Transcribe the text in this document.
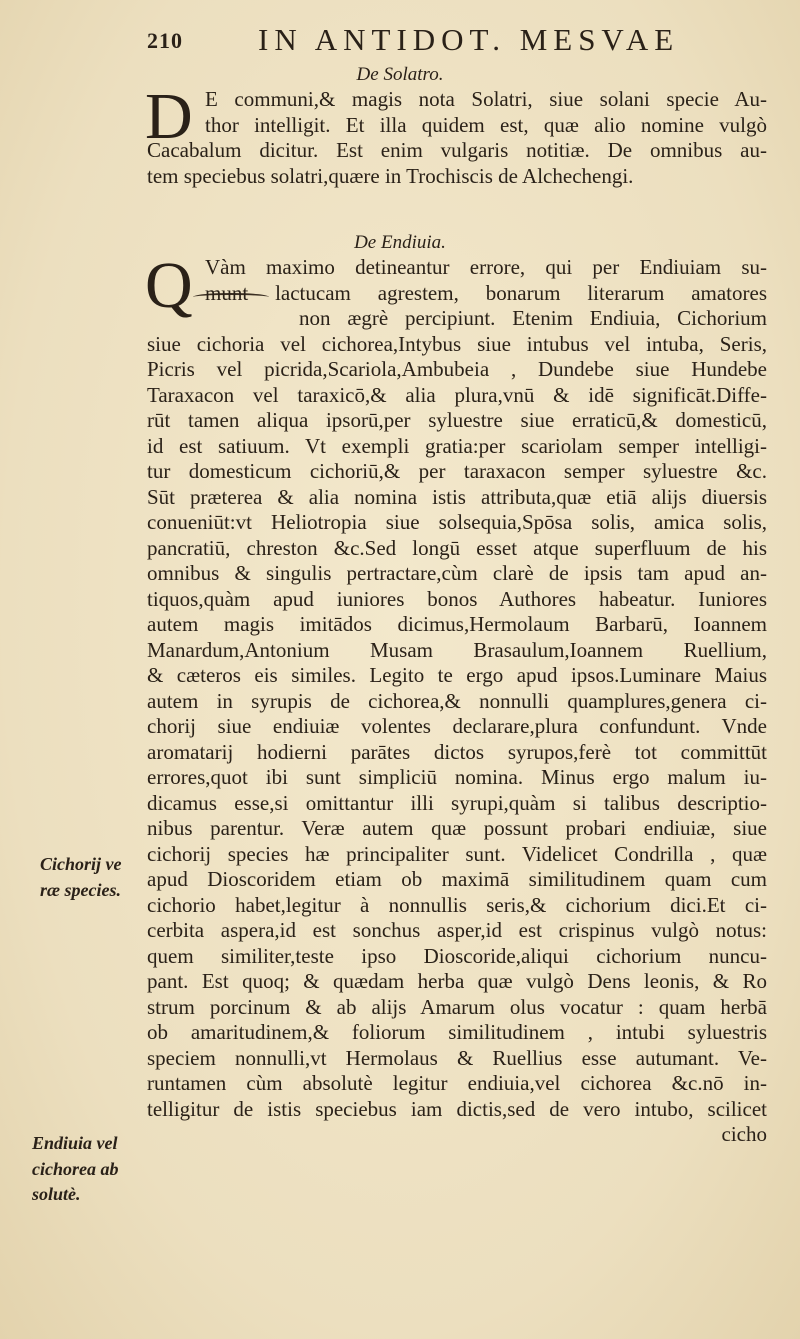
210 IN ANTIDOT. MESVAE
De Solatro.
D E communi,& magis nota Solatri, siue solani specie Au-
thor intelligit. Et illa quidem est, quæ alio nomine vulgò
Cacabalum dicitur. Est enim vulgaris notitiæ. De omnibus au-
tem speciebus solatri,quære in Trochiscis de Alchechengi.
De Endiuia.
Q Vàm maximo detineantur errore, qui per Endiuiam su-
munt lactucam agrestem, bonarum literarum amatores
non ægrè percipiunt. Etenim Endiuia, Cichorium
siue cichoria vel cichorea,Intybus siue intubus vel intuba, Seris,
Picris vel picrida,Scariola,Ambubeia , Dundebe siue Hundebe
Taraxacon vel taraxicō,& alia plura,vnū & idē significāt.Diffe-
rūt tamen aliqua ipsorū,per syluestre siue erraticū,& domesticū,
id est satiuum. Vt exempli gratia:per scariolam semper intelligi-
tur domesticum cichoriū,& per taraxacon semper syluestre &c.
Sūt præterea & alia nomina istis attributa,quæ etiā alijs diuersis
conueniūt:vt Heliotropia siue solsequia,Spōsa solis, amica solis,
pancratiū, chreston &c.Sed longū esset atque superfluum de his
omnibus & singulis pertractare,cùm clarè de ipsis tam apud an-
tiquos,quàm apud iuniores bonos Authores habeatur. Iuniores
autem magis imitādos dicimus,Hermolaum Barbarū, Ioannem
Manardum,Antonium Musam Brasaulum,Ioannem Ruellium,
& cæteros eis similes. Legito te ergo apud ipsos.Luminare Maius
autem in syrupis de cichorea,& nonnulli quamplures,genera ci-
chorij siue endiuiæ volentes declarare,plura confundunt. Vnde
aromatarij hodierni parātes dictos syrupos,ferè tot committūt
errores,quot ibi sunt simpliciū nomina. Minus ergo malum iu-
dicamus esse,si omittantur illi syrupi,quàm si talibus descriptio-
nibus parentur. Veræ autem quæ possunt probari endiuiæ, siue
cichorij species hæ principaliter sunt. Videlicet Condrilla , quæ
apud Dioscoridem etiam ob maximā similitudinem quam cum
cichorio habet,legitur à nonnullis seris,& cichorium dici.Et ci-
cerbita aspera,id est sonchus asper,id est crispinus vulgò notus:
quem similiter,teste ipso Dioscoride,aliqui cichorium nuncu-
pant. Est quoq; & quædam herba quæ vulgò Dens leonis, & Ro
strum porcinum & ab alijs Amarum olus vocatur : quam herbā
ob amaritudinem,& foliorum similitudinem , intubi syluestris
speciem nonnulli,vt Hermolaus & Ruellius esse autumant. Ve-
runtamen cùm absolutè legitur endiuia,vel cichorea &c.nō in-
telligitur de istis speciebus iam dictis,sed de vero intubo, scilicet
cicho
Cichorij ve
ræ species.
Endiuia vel
cichorea ab
solutè.
